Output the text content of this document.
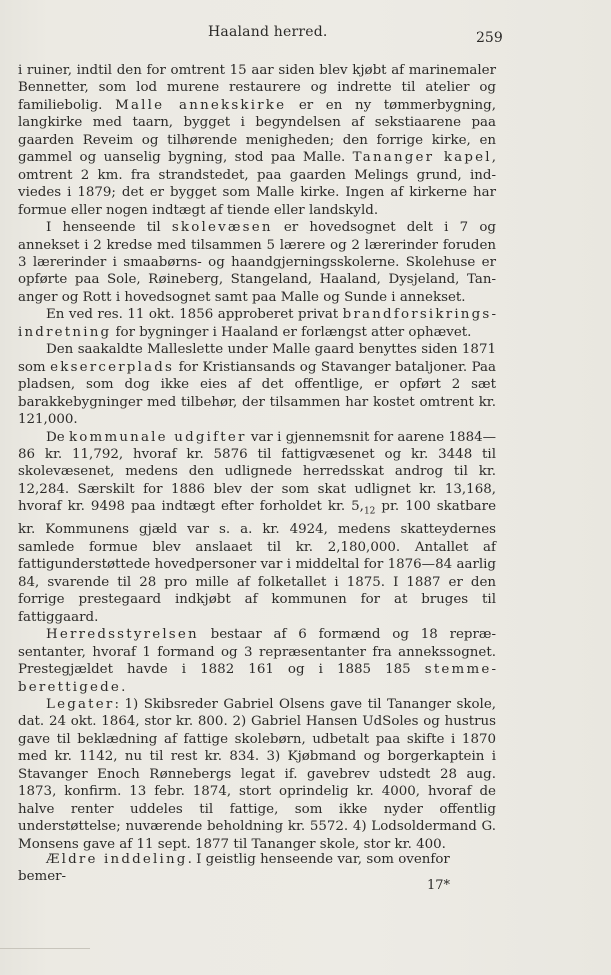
Haaland herred.	259

i ruiner, indtil den for omtrent 15 aar siden blev kjøbt af marinemaler Bennetter, som lod murene restaurere og indrette til atelier og familiebolig. Malle annekskirke er en ny tømmerbygning, langkirke med taarn, bygget i begyndelsen af sekstiaarene paa gaarden Reveim og tilhørende menigheden; den forrige kirke, en gammel og uanselig bygning, stod paa Malle. Tananger kapel, omtrent 2 km. fra strandstedet, paa gaarden Melings grund, indviedes i 1879; det er bygget som Malle kirke. Ingen af kirkerne har formue eller nogen indtægt af tiende eller landskyld.

I henseende til skolevæsen er hovedsognet delt i 7 og annekset i 2 kredse med tilsammen 5 lærere og 2 lærerinder foruden 3 lærerinder i smaabørns- og haandgjerningsskolerne. Skolehuse er opførte paa Sole, Røineberg, Stangeland, Haaland, Dysjeland, Tananger og Rott i hovedsognet samt paa Malle og Sunde i annekset.

En ved res. 11 okt. 1856 approberet privat brandforsikringsindretning for bygninger i Haaland er forlængst atter ophævet.

Den saakaldte Malleslette under Malle gaard benyttes siden 1871 som eksercerplads for Kristiansands og Stavanger bataljoner. Paa pladsen, som dog ikke eies af det offentlige, er opført 2 sæt barakkebygninger med tilbehør, der tilsammen har kostet omtrent kr. 121,000.

De kommunale udgifter var i gjennemsnit for aarene 1884—86 kr. 11,792, hvoraf kr. 5876 til fattigvæsenet og kr. 3448 til skolevæsenet, medens den udlignede herredsskat androg til kr. 12,284. Særskilt for 1886 blev der som skat udlignet kr. 13,168, hvoraf kr. 9498 paa indtægt efter forholdet kr. $5,_{12}$ pr. 100 skatbare kr. Kommunens gjæld var s. a. kr. 4924, medens skatteydernes samlede formue blev anslaaet til kr. 2,180,000. Antallet af fattigunderstøttede hovedpersoner var i middeltal for 1876—84 aarlig 84, svarende til 28 pro mille af folketallet i 1875. I 1887 er den forrige prestegaard indkjøbt af kommunen for at bruges til fattiggaard.

Herredsstyrelsen bestaar af 6 formænd og 18 repræsentanter, hvoraf 1 formand og 3 repræsentanter fra annekssognet. Prestegjældet havde i 1882 161 og i 1885 185 stemmeberettigede.

Legater: 1) Skibsreder Gabriel Olsens gave til Tananger skole, dat. 24 okt. 1864, stor kr. 800. 2) Gabriel Hansen UdSoles og hustrus gave til beklædning af fattige skolebørn, udbetalt paa skifte i 1870 med kr. 1142, nu til rest kr. 834. 3) Kjøbmand og borgerkaptein i Stavanger Enoch Rønnebergs legat if. gavebrev udstedt 28 aug. 1873, konfirm. 13 febr. 1874, stort oprindelig kr. 4000, hvoraf de halve renter uddeles til fattige, som ikke nyder offentlig understøttelse; nuværende beholdning kr. 5572. 4) Lodsoldermand G. Monsens gave af 11 sept. 1877 til Tananger skole, stor kr. 400.

Ældre inddeling. I geistlig henseende var, som ovenfor bemer-
17*
